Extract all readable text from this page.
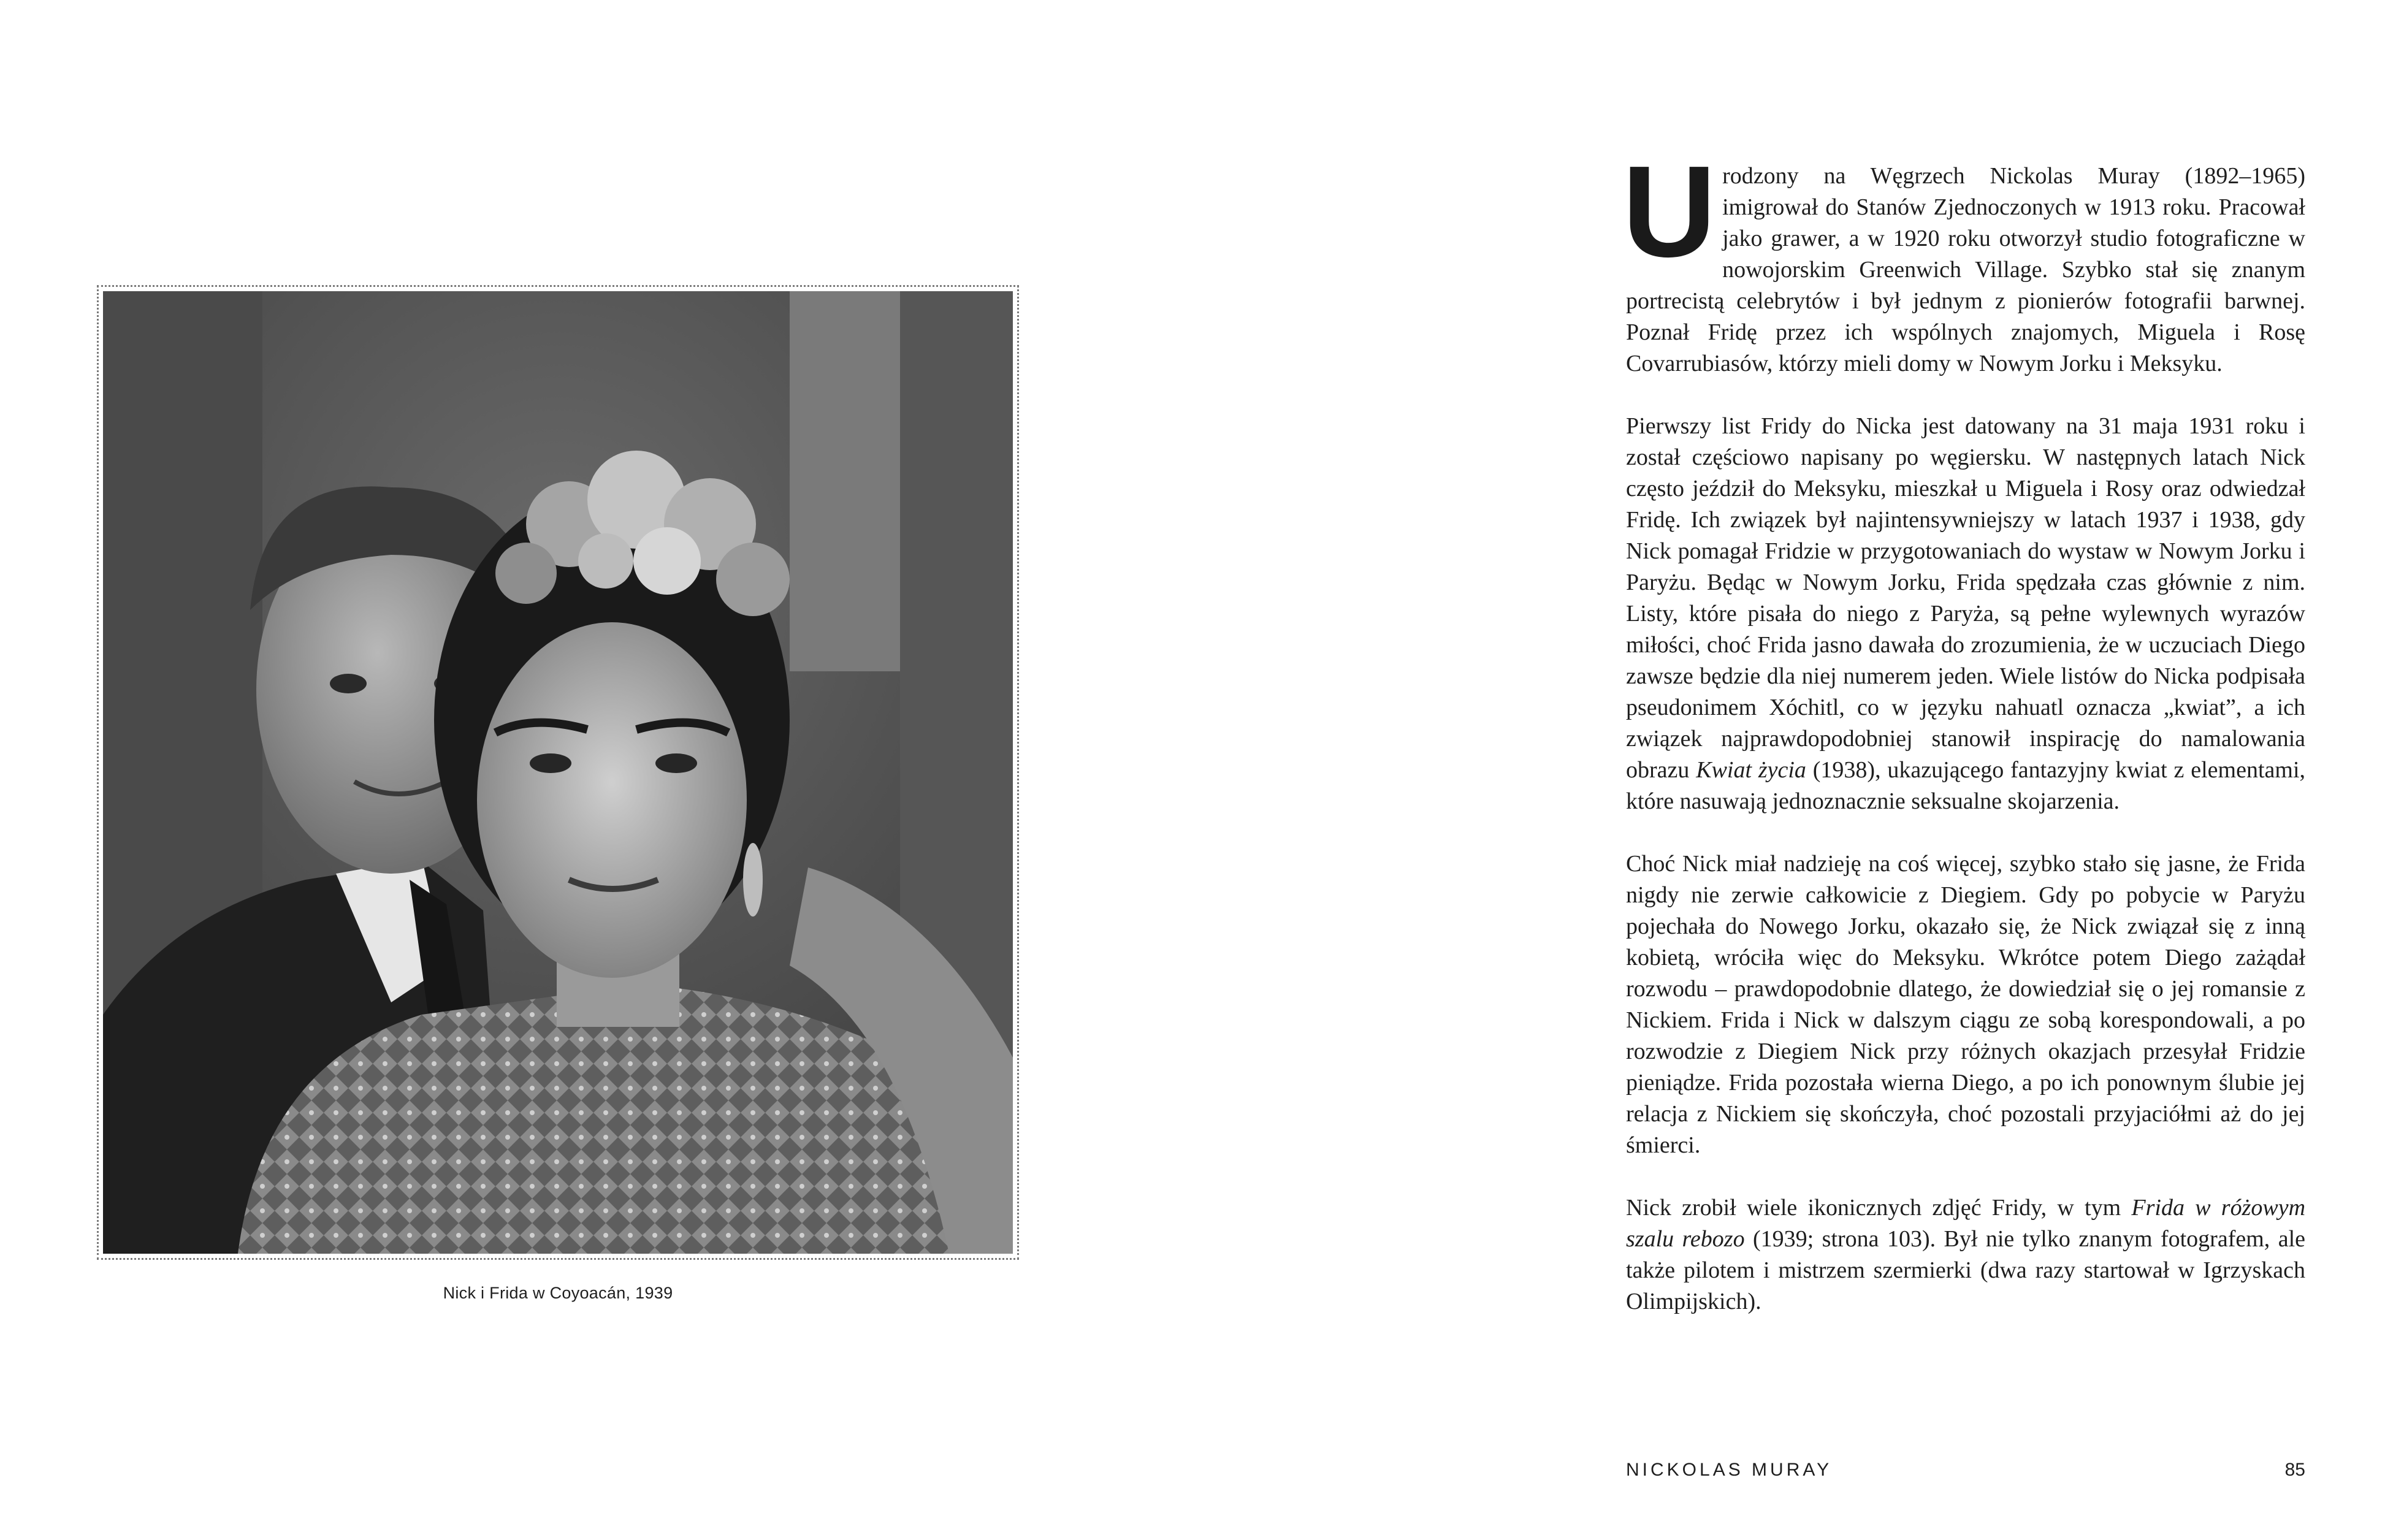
Nick i Frida w Coyoacán, 1939

Urodzony na Węgrzech Nickolas Muray (1892–1965) imigrował do Stanów Zjednoczonych w 1913 roku. Pracował jako grawer, a w 1920 roku otworzył studio fotograficzne w nowojorskim Greenwich Village. Szybko stał się znanym portrecistą celebrytów i był jednym z pionierów fotografii barwnej. Poznał Fridę przez ich wspólnych znajomych, Miguela i Rosę Covarrubiasów, którzy mieli domy w Nowym Jorku i Meksyku.

Pierwszy list Fridy do Nicka jest datowany na 31 maja 1931 roku i został częściowo napisany po węgiersku. W następnych latach Nick często jeździł do Meksyku, mieszkał u Miguela i Rosy oraz odwiedzał Fridę. Ich związek był najintensywniejszy w latach 1937 i 1938, gdy Nick pomagał Fridzie w przygotowaniach do wystaw w Nowym Jorku i Paryżu. Będąc w Nowym Jorku, Frida spędzała czas głównie z nim. Listy, które pisała do niego z Paryża, są pełne wylewnych wyrazów miłości, choć Frida jasno dawała do zrozumienia, że w uczuciach Diego zawsze będzie dla niej numerem jeden. Wiele listów do Nicka podpisała pseudonimem Xóchitl, co w języku nahuatl oznacza „kwiat”, a ich związek najprawdopodobniej stanowił inspirację do namalowania obrazu Kwiat życia (1938), ukazującego fantazyjny kwiat z elementami, które nasuwają jednoznacznie seksualne skojarzenia.

Choć Nick miał nadzieję na coś więcej, szybko stało się jasne, że Frida nigdy nie zerwie całkowicie z Diegiem. Gdy po pobycie w Paryżu pojechała do Nowego Jorku, okazało się, że Nick związał się z inną kobietą, wróciła więc do Meksyku. Wkrótce potem Diego zażądał rozwodu – prawdopodobnie dlatego, że dowiedział się o jej romansie z Nickiem. Frida i Nick w dalszym ciągu ze sobą korespondowali, a po rozwodzie z Diegiem Nick przy różnych okazjach przesyłał Fridzie pieniądze. Frida pozostała wierna Diego, a po ich ponownym ślubie jej relacja z Nickiem się skończyła, choć pozostali przyjaciółmi aż do jej śmierci.

Nick zrobił wiele ikonicznych zdjęć Fridy, w tym Frida w różowym szalu rebozo (1939; strona 103). Był nie tylko znanym fotografem, ale także pilotem i mistrzem szermierki (dwa razy startował w Igrzyskach Olimpijskich).

NICKOLAS MURAY	85
